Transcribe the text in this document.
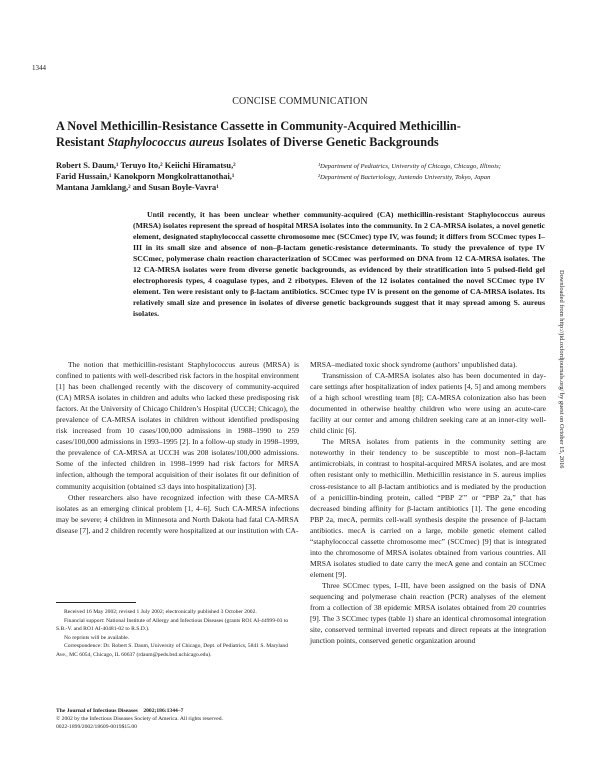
1344
CONCISE COMMUNICATION
A Novel Methicillin-Resistance Cassette in Community-Acquired Methicillin-
Resistant Staphylococcus aureus Isolates of Diverse Genetic Backgrounds
Robert S. Daum,¹ Teruyo Ito,² Keiichi Hiramatsu,²
Farid Hussain,¹ Kanokporn Mongkolrattanothai,¹
Mantana Jamklang,² and Susan Boyle-Vavra¹
¹Department of Pediatrics, University of Chicago, Chicago, Illinois;
²Department of Bacteriology, Juntendo University, Tokyo, Japan

Until recently, it has been unclear whether community-acquired (CA) methicillin-resistant Staphylococcus aureus (MRSA) isolates represent the spread of hospital MRSA isolates into the community. In 2 CA-MRSA isolates, a novel genetic element, designated staphylococcal cassette chromosome mec (SCCmec) type IV, was found; it differs from SCCmec types I–III in its small size and absence of non–β-lactam genetic-resistance determinants. To study the prevalence of type IV SCCmec, polymerase chain reaction characterization of SCCmec was performed on DNA from 12 CA-MRSA isolates. The 12 CA-MRSA isolates were from diverse genetic backgrounds, as evidenced by their stratification into 5 pulsed-field gel electrophoresis types, 4 coagulase types, and 2 ribotypes. Eleven of the 12 isolates contained the novel SCCmec type IV element. Ten were resistant only to β-lactam antibiotics. SCCmec type IV is present on the genome of CA-MRSA isolates. Its relatively small size and presence in isolates of diverse genetic backgrounds suggest that it may spread among S. aureus isolates.

The notion that methicillin-resistant Staphylococcus aureus (MRSA) is confined to patients with well-described risk factors in the hospital environment [1] has been challenged recently with the discovery of community-acquired (CA) MRSA isolates in children and adults who lacked these predisposing risk factors. At the University of Chicago Children’s Hospital (UCCH; Chicago), the prevalence of CA-MRSA isolates in children without identified predisposing risk increased from 10 cases/100,000 admissions in 1988–1990 to 259 cases/100,000 admissions in 1993–1995 [2]. In a follow-up study in 1998–1999, the prevalence of CA-MRSA at UCCH was 208 isolates/100,000 admissions. Some of the infected children in 1998–1999 had risk factors for MRSA infection, although the temporal acquisition of their isolates fit our definition of community acquisition (obtained ≤3 days into hospitalization) [3].

Other researchers also have recognized infection with these CA-MRSA isolates as an emerging clinical problem [1, 4–6]. Such CA-MRSA infections may be severe; 4 children in Minnesota and North Dakota had fatal CA-MRSA disease [7], and 2 children recently were hospitalized at our institution with CA-

MRSA–mediated toxic shock syndrome (authors’ unpublished data).

Transmission of CA-MRSA isolates also has been documented in day-care settings after hospitalization of index patients [4, 5] and among members of a high school wrestling team [8]; CA-MRSA colonization also has been documented in otherwise healthy children who were using an acute-care facility at our center and among children seeking care at an inner-city well-child clinic [6].

The MRSA isolates from patients in the community setting are noteworthy in their tendency to be susceptible to most non–β-lactam antimicrobials, in contrast to hospital-acquired MRSA isolates, and are most often resistant only to methicillin. Methicillin resistance in S. aureus implies cross-resistance to all β-lactam antibiotics and is mediated by the production of a penicillin-binding protein, called “PBP 2′” or “PBP 2a,” that has decreased binding affinity for β-lactam antibiotics [1]. The gene encoding PBP 2a, mecA, permits cell-wall synthesis despite the presence of β-lactam antibiotics. mecA is carried on a large, mobile genetic element called “staphylococcal cassette chromosome mec” (SCCmec) [9] that is integrated into the chromosome of MRSA isolates obtained from various countries. All MRSA isolates studied to date carry the mecA gene and contain an SCCmec element [9].

Three SCCmec types, I–III, have been assigned on the basis of DNA sequencing and polymerase chain reaction (PCR) analyses of the element from a collection of 38 epidemic MRSA isolates obtained from 20 countries [9]. The 3 SCCmec types (table 1) share an identical chromosomal integration site, conserved terminal inverted repeats and direct repeats at the integration junction points, conserved genetic organization around

Received 16 May 2002; revised 1 July 2002; electronically published 3 October 2002.

Financial support: National Institute of Allergy and Infectious Diseases (grants RO1 AI-44999-03 to S.B.-V. and RO1 AI-40481-02 to R.S.D.).

No reprints will be available.

Correspondence: Dr. Robert S. Daum, University of Chicago, Dept. of Pediatrics, 5841 S. Maryland Ave., MC 6054, Chicago, IL 60637 (rdaum@peds.bsd.uchicago.edu).

The Journal of Infectious Diseases 2002;186:1344–7
© 2002 by the Infectious Diseases Society of America. All rights reserved.
0022-1899/2002/18609-0019$15.00
Downloaded from http://jid.oxfordjournals.org/ by guest on October 15, 2016
